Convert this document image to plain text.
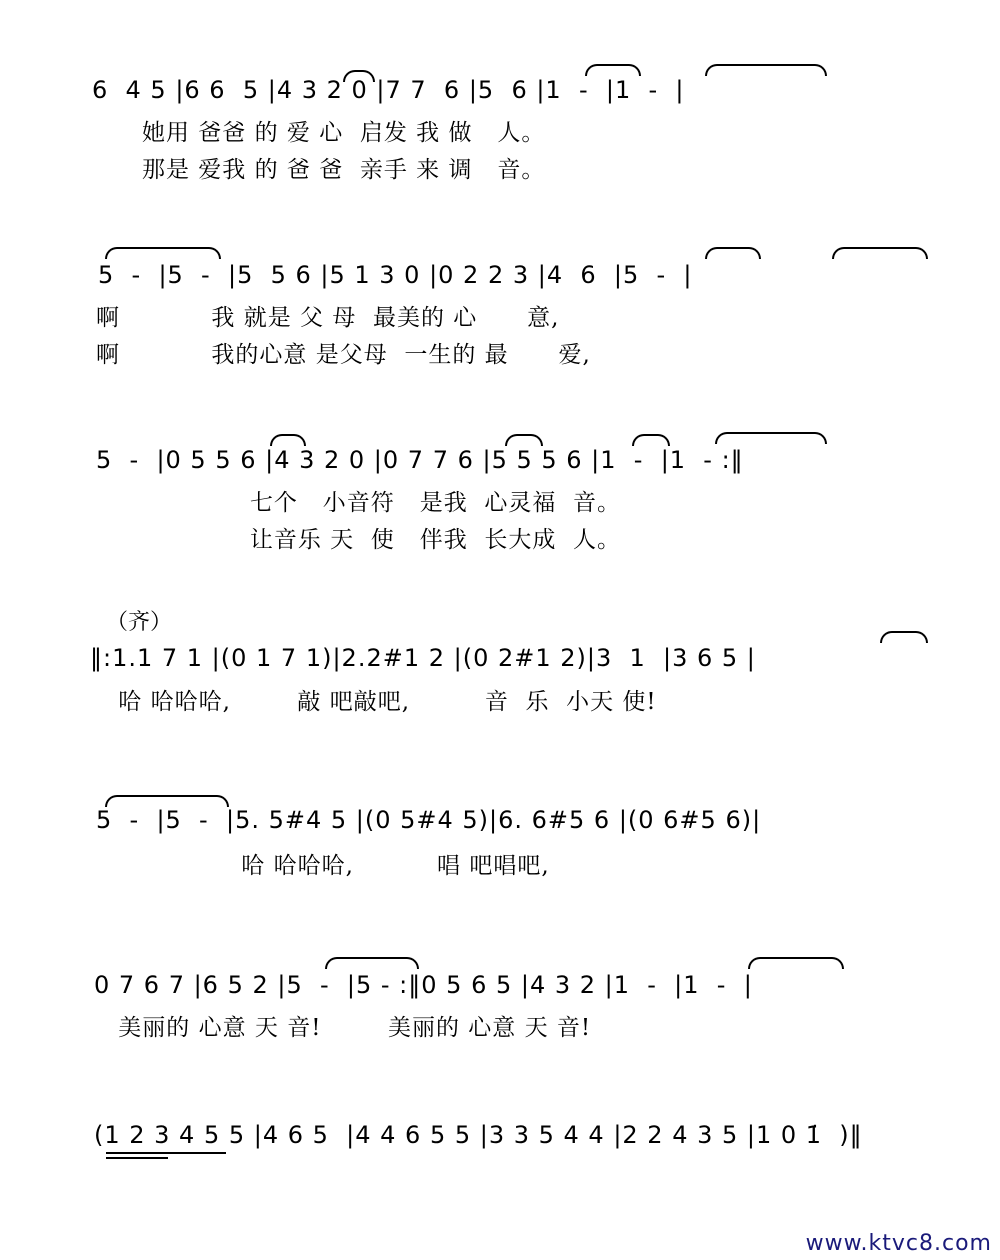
6  4 5 |6 6  5 |4 3 2 0 |7 7  6 |5  6 |1  -  |1  -  |
她用 爸爸 的 爱 心  启发 我 做   人。
那是 爱我 的 爸 爸  亲手 来 调   音。
5  -  |5  -  |5  5 6 |5 1 3 0 |0 2 2 3 |4  6  |5  -  |
啊           我 就是 父 母  最美的 心      意,
啊           我的心意 是父母  一生的 最      爱,
5  -  |0 5 5 6 |4 3 2 0 |0 7 7 6 |5 5 5 6 |1  -  |1  - :‖
七个   小音符   是我  心灵福  音。
让音乐 天  使   伴我  长大成  人。
（齐）
‖:1.1 7 1 |(0 1 7 1)|2.2#1 2 |(0 2#1 2)|3  1  |3 6 5 |
哈 哈哈哈,        敲 吧敲吧,         音  乐  小天 使!
5  -  |5  -  |5. 5#4 5 |(0 5#4 5)|6. 6#5 6 |(0 6#5 6)|
哈 哈哈哈,          唱 吧唱吧,
0 7 6 7 |6 5 2 |5  -  |5 - :‖0 5 6 5 |4 3 2 |1  -  |1  -  |
美丽的 心意 天 音!        美丽的 心意 天 音!
(1 2 3 4 5 5 |4 6 5  |4 4 6 5 5 |3 3 5 4 4 |2 2 4 3 5 |1 0 1̇  )‖
www.ktvc8.com
